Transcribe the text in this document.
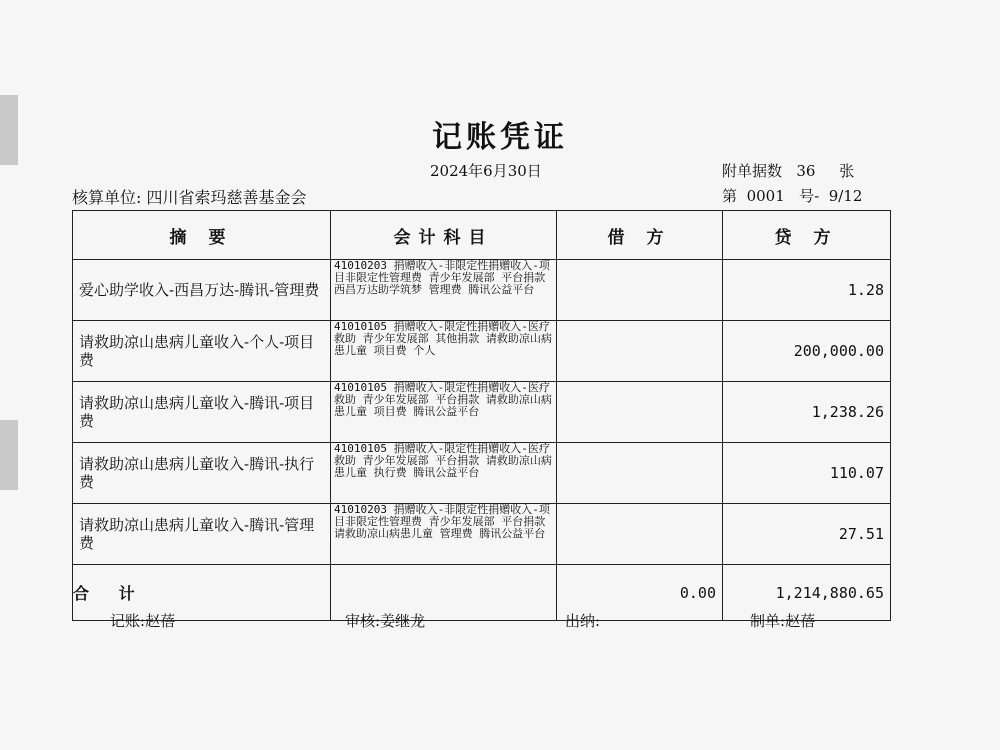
记账凭证
2024年6月30日	附单据数 36 张
核算单位: 四川省索玛慈善基金会	第 0001 号- 9/12
摘 要	会计科目	借 方	贷 方
爱心助学收入-西昌万达-腾讯-管理费	41010203 捐赠收入-非限定性捐赠收入-项目非限定性管理费 青少年发展部 平台捐款 西昌万达助学筑梦 管理费 腾讯公益平台		1.28
请救助凉山患病儿童收入-个人-项目费	41010105 捐赠收入-限定性捐赠收入-医疗救助 青少年发展部 其他捐款 请救助凉山病患儿童 项目费 个人		200,000.00
请救助凉山患病儿童收入-腾讯-项目费	41010105 捐赠收入-限定性捐赠收入-医疗救助 青少年发展部 平台捐款 请救助凉山病患儿童 项目费 腾讯公益平台		1,238.26
请救助凉山患病儿童收入-腾讯-执行费	41010105 捐赠收入-限定性捐赠收入-医疗救助 青少年发展部 平台捐款 请救助凉山病患儿童 执行费 腾讯公益平台		110.07
请救助凉山患病儿童收入-腾讯-管理费	41010203 捐赠收入-非限定性捐赠收入-项目非限定性管理费 青少年发展部 平台捐款 请救助凉山病患儿童 管理费 腾讯公益平台		27.51
合 计		0.00	1,214,880.65
记账:赵蓓	审核:姜继龙	出纳:	制单:赵蓓
